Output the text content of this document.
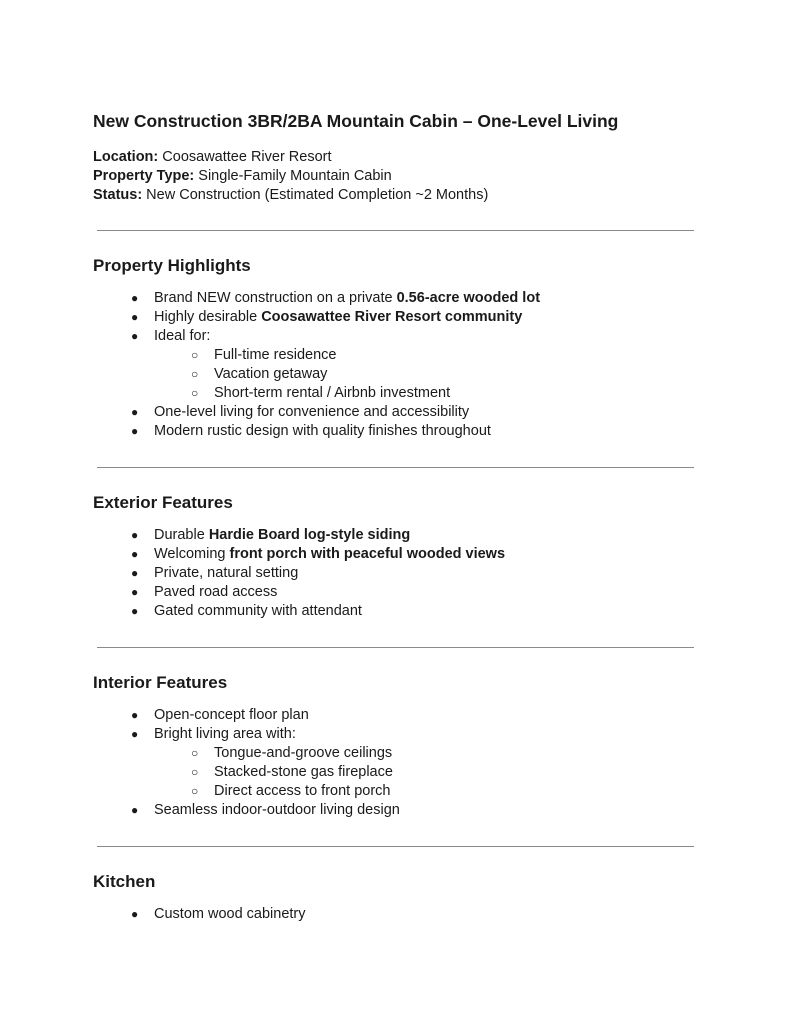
New Construction 3BR/2BA Mountain Cabin – One-Level Living

Location: Coosawattee River Resort

Property Type: Single-Family Mountain Cabin

Status: New Construction (Estimated Completion ~2 Months)

Property Highlights
● Brand NEW construction on a private 0.56-acre wooded lot
● Highly desirable Coosawattee River Resort community
● Ideal for:
○ Full-time residence
○ Vacation getaway
○ Short-term rental / Airbnb investment
● One-level living for convenience and accessibility
● Modern rustic design with quality finishes throughout
Exterior Features
● Durable Hardie Board log-style siding
● Welcoming front porch with peaceful wooded views
● Private, natural setting
● Paved road access
● Gated community with attendant
Interior Features
● Open-concept floor plan
● Bright living area with:
○ Tongue-and-groove ceilings
○ Stacked-stone gas fireplace
○ Direct access to front porch
● Seamless indoor-outdoor living design
Kitchen
● Custom wood cabinetry
